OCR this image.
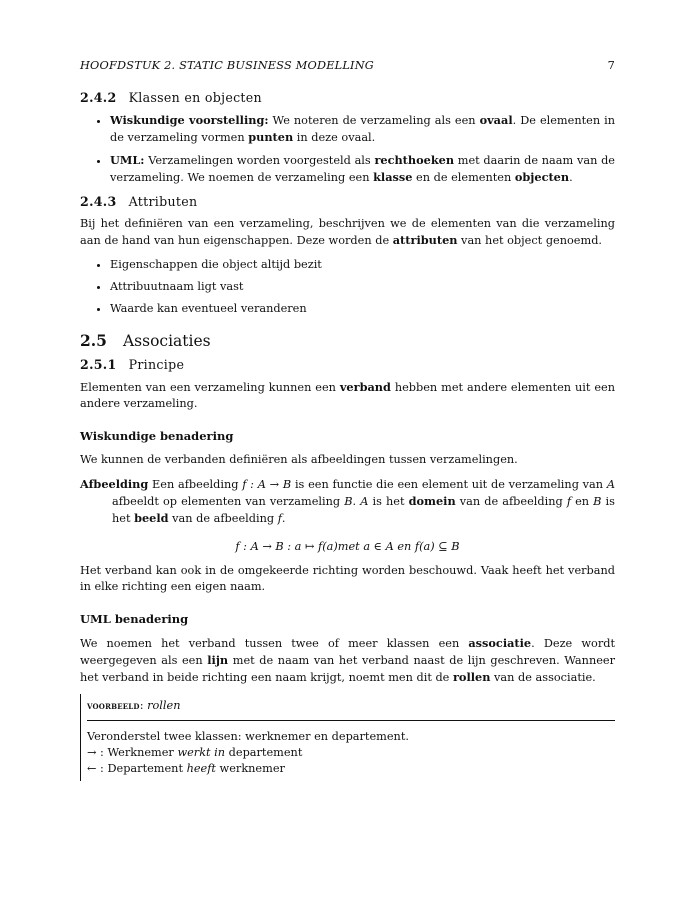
HOOFDSTUK 2. STATIC BUSINESS MODELLING	7
2.4.2 Klassen en objecten
• Wiskundige voorstelling: We noteren de verzameling als een ovaal. De elementen in de verzameling vormen punten in deze ovaal.
• UML: Verzamelingen worden voorgesteld als rechthoeken met daarin de naam van de verzameling. We noemen de verzameling een klasse en de elementen objecten.
2.4.3 Attributen

Bij het definiëren van een verzameling, beschrijven we de elementen van die verzameling aan de hand van hun eigenschappen. Deze worden de attributen van het object genoemd.

• Eigenschappen die object altijd bezit
• Attribuutnaam ligt vast
• Waarde kan eventueel veranderen
2.5 Associaties
2.5.1 Principe

Elementen van een verzameling kunnen een verband hebben met andere elementen uit een andere verzameling.

Wiskundige benadering

We kunnen de verbanden definiëren als afbeeldingen tussen verzamelingen.

Afbeelding Een afbeelding f : A → B is een functie die een element uit de verzameling van A afbeeldt op elementen van verzameling B. A is het domein van de afbeelding f en B is het beeld van de afbeelding f.
f : A → B : a ↦ f(a)met a ∈ A en f(a) ⊆ B

Het verband kan ook in de omgekeerde richting worden beschouwd. Vaak heeft het verband in elke richting een eigen naam.

UML benadering

We noemen het verband tussen twee of meer klassen een associatie. Deze wordt weergegeven als een lijn met de naam van het verband naast de lijn geschreven. Wanneer het verband in beide richting een naam krijgt, noemt men dit de rollen van de associatie.

voorbeeld: rollen
Veronderstel twee klassen: werknemer en departement.
→ : Werknemer werkt in departement
← : Departement heeft werknemer
